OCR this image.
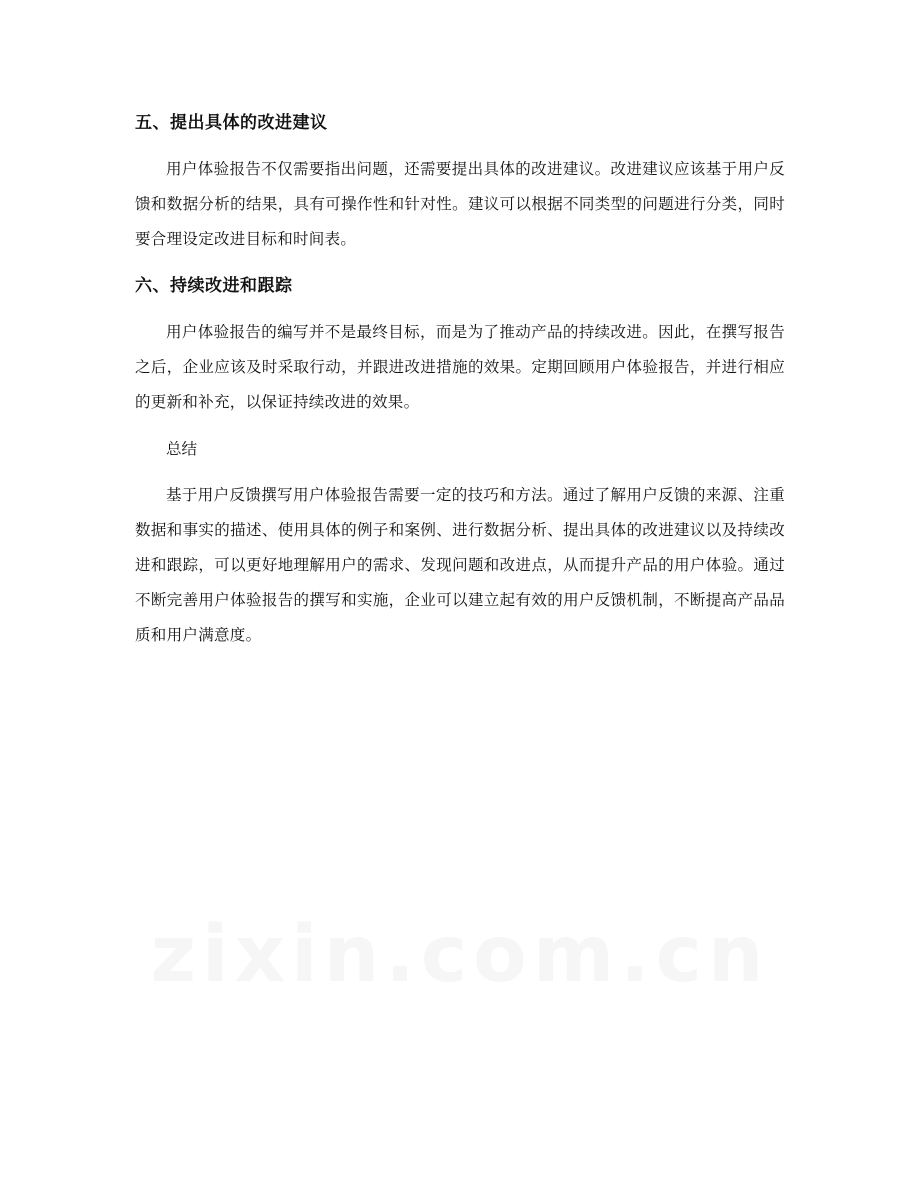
五、提出具体的改进建议

用户体验报告不仅需要指出问题，还需要提出具体的改进建议。改进建议应该基于用户反馈和数据分析的结果，具有可操作性和针对性。建议可以根据不同类型的问题进行分类，同时要合理设定改进目标和时间表。

六、持续改进和跟踪

用户体验报告的编写并不是最终目标，而是为了推动产品的持续改进。因此，在撰写报告之后，企业应该及时采取行动，并跟进改进措施的效果。定期回顾用户体验报告，并进行相应的更新和补充，以保证持续改进的效果。

总结

基于用户反馈撰写用户体验报告需要一定的技巧和方法。通过了解用户反馈的来源、注重数据和事实的描述、使用具体的例子和案例、进行数据分析、提出具体的改进建议以及持续改进和跟踪，可以更好地理解用户的需求、发现问题和改进点，从而提升产品的用户体验。通过不断完善用户体验报告的撰写和实施，企业可以建立起有效的用户反馈机制，不断提高产品品质和用户满意度。

zixin.com.cn
